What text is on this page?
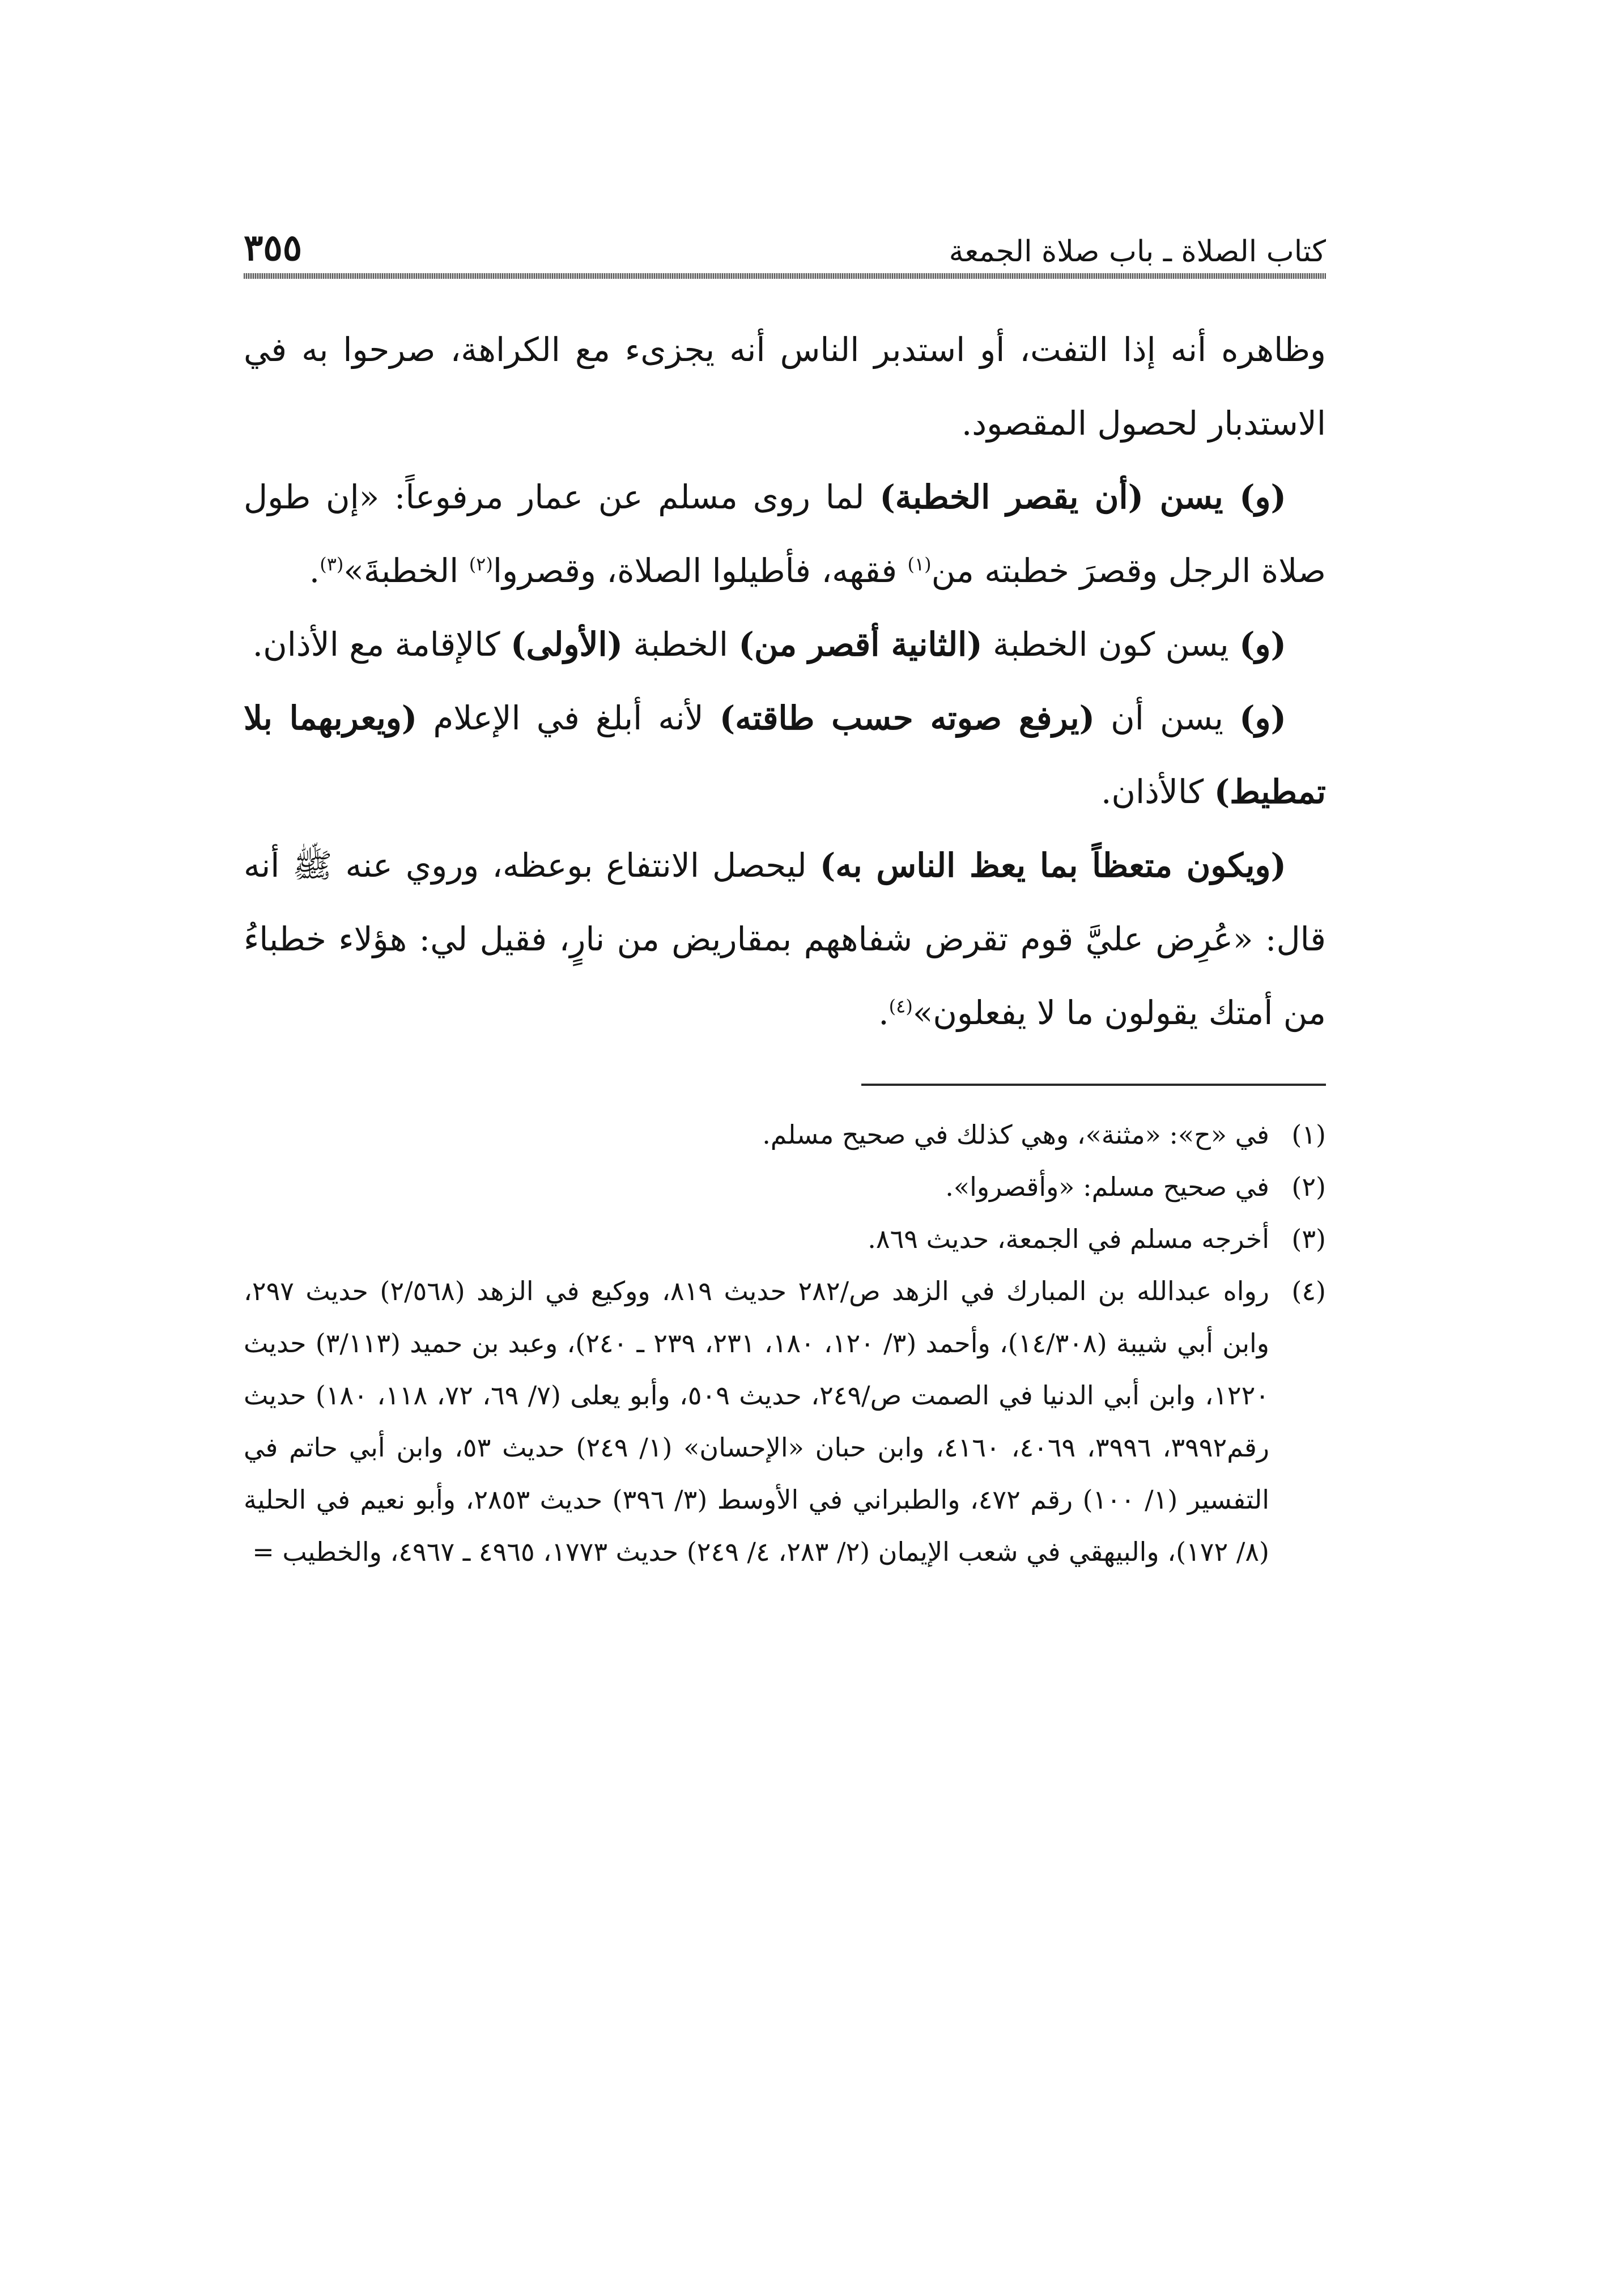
كتاب الصلاة ـ باب صلاة الجمعة
٣٥٥

وظاهره أنه إذا التفت، أو استدبر الناس أنه يجزىء مع الكراهة، صرحوا به في الاستدبار لحصول المقصود.

(و) يسن (أن يقصر الخطبة) لما روى مسلم عن عمار مرفوعاً: «إن طول صلاة الرجل وقصرَ خطبته من$^{(١)}$ فقهه، فأطيلوا الصلاة، وقصروا$^{(٢)}$ الخطبةَ»$^{(٣)}$.

(و) يسن كون الخطبة (الثانية أقصر من) الخطبة (الأولى) كالإقامة مع الأذان.

(و) يسن أن (يرفع صوته حسب طاقته) لأنه أبلغ في الإعلام (ويعربهما بلا تمطيط) كالأذان.

(ويكون متعظاً بما يعظ الناس به) ليحصل الانتفاع بوعظه، وروي عنه ﷺ أنه قال: «عُرِض عليَّ قوم تقرض شفاههم بمقاريض من نارٍ، فقيل لي: هؤلاء خطباءُ من أمتك يقولون ما لا يفعلون»$^{(٤)}$.

(١)
في «ح»: «مثنة»، وهي كذلك في صحيح مسلم.
(٢)
في صحيح مسلم: «وأقصروا».
(٣)
أخرجه مسلم في الجمعة، حديث ٨٦٩.
(٤)
رواه عبدالله بن المبارك في الزهد ص/٢٨٢ حديث ٨١٩، ووكيع في الزهد (٢/٥٦٨) حديث ٢٩٧، وابن أبي شيبة (١٤/٣٠٨)، وأحمد (٣/ ١٢٠، ١٨٠، ٢٣١، ٢٣٩ ـ ٢٤٠)، وعبد بن حميد (٣/١١٣) حديث ١٢٢٠، وابن أبي الدنيا في الصمت ص/٢٤٩، حديث ٥٠٩، وأبو يعلى (٧/ ٦٩، ٧٢، ١١٨، ١٨٠) حديث رقم٣٩٩٢، ٣٩٩٦، ٤٠٦٩، ٤١٦٠، وابن حبان «الإحسان» (١/ ٢٤٩) حديث ٥٣، وابن أبي حاتم في التفسير (١/ ١٠٠) رقم ٤٧٢، والطبراني في الأوسط (٣/ ٣٩٦) حديث ٢٨٥٣، وأبو نعيم في الحلية (٨/ ١٧٢)، والبيهقي في شعب الإيمان (٢/ ٢٨٣، ٤/ ٢٤٩) حديث ١٧٧٣، ٤٩٦٥ ـ ٤٩٦٧، والخطيب =
